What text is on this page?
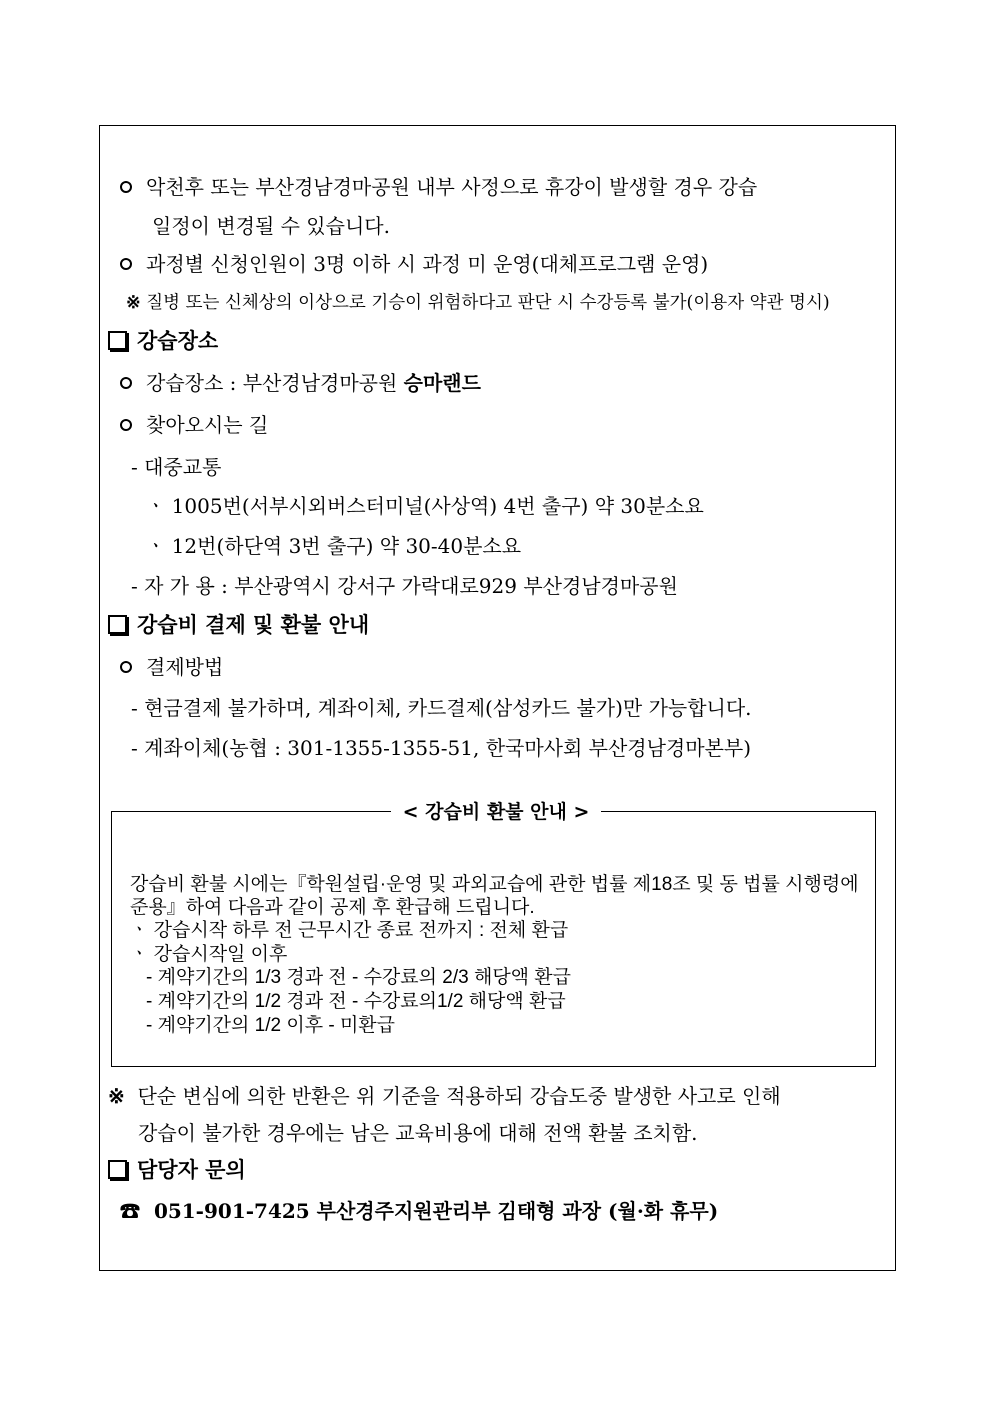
악천후 또는 부산경남경마공원 내부 사정으로 휴강이 발생할 경우 강습
일정이 변경될 수 있습니다.
과정별 신청인원이 3명 이하 시 과정 미 운영(대체프로그램 운영)
※ 질병 또는 신체상의 이상으로 기승이 위험하다고 판단 시 수강등록 불가(이용자 약관 명시)
강습장소
강습장소 : 부산경남경마공원 승마랜드
찾아오시는 길
- 대중교통
ㆍ 1005번(서부시외버스터미널(사상역) 4번 출구) 약 30분소요
ㆍ 12번(하단역 3번 출구) 약 30-40분소요
- 자 가 용 : 부산광역시 강서구 가락대로929 부산경남경마공원
강습비 결제 및 환불 안내
결제방법
- 현금결제 불가하며, 계좌이체, 카드결제(삼성카드 불가)만 가능합니다.
- 계좌이체(농협 : 301-1355-1355-51, 한국마사회 부산경남경마본부)
< 강습비 환불 안내 >
강습비 환불 시에는『학원설립·운영 및 과외교습에 관한 법률 제18조 및 동 법률 시행령에
준용』하여 다음과 같이 공제 후 환급해 드립니다.
ㆍ 강습시작 하루 전 근무시간 종료 전까지 : 전체 환급
ㆍ 강습시작일 이후
- 계약기간의 1/3 경과 전 - 수강료의 2/3 해당액 환급
- 계약기간의 1/2 경과 전 - 수강료의1/2 해당액 환급
- 계약기간의 1/2 이후 - 미환급
※ 단순 변심에 의한 반환은 위 기준을 적용하되 강습도중 발생한 사고로 인해
강습이 불가한 경우에는 남은 교육비용에 대해 전액 환불 조치함.
담당자 문의
☎ 051-901-7425 부산경주지원관리부 김태형 과장 (월·화 휴무)
